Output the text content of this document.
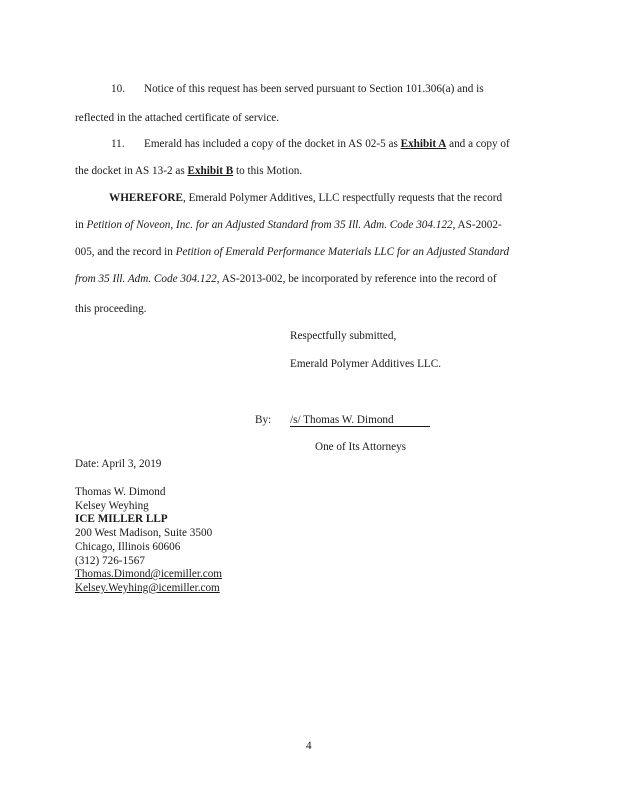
10. Notice of this request has been served pursuant to Section 101.306(a) and is
reflected in the attached certificate of service.
11. Emerald has included a copy of the docket in AS 02-5 as Exhibit A and a copy of
the docket in AS 13-2 as Exhibit B to this Motion.
WHEREFORE, Emerald Polymer Additives, LLC respectfully requests that the record
in Petition of Noveon, Inc. for an Adjusted Standard from 35 Ill. Adm. Code 304.122, AS-2002-
005, and the record in Petition of Emerald Performance Materials LLC for an Adjusted Standard
from 35 Ill. Adm. Code 304.122, AS-2013-002, be incorporated by reference into the record of
this proceeding.
Respectfully submitted,
Emerald Polymer Additives LLC.
By: /s/ Thomas W. Dimond
One of Its Attorneys
Date: April 3, 2019
Thomas W. Dimond
Kelsey Weyhing
ICE MILLER LLP
200 West Madison, Suite 3500
Chicago, Illinois 60606
(312) 726-1567
Thomas.Dimond@icemiller.com
Kelsey.Weyhing@icemiller.com
4
